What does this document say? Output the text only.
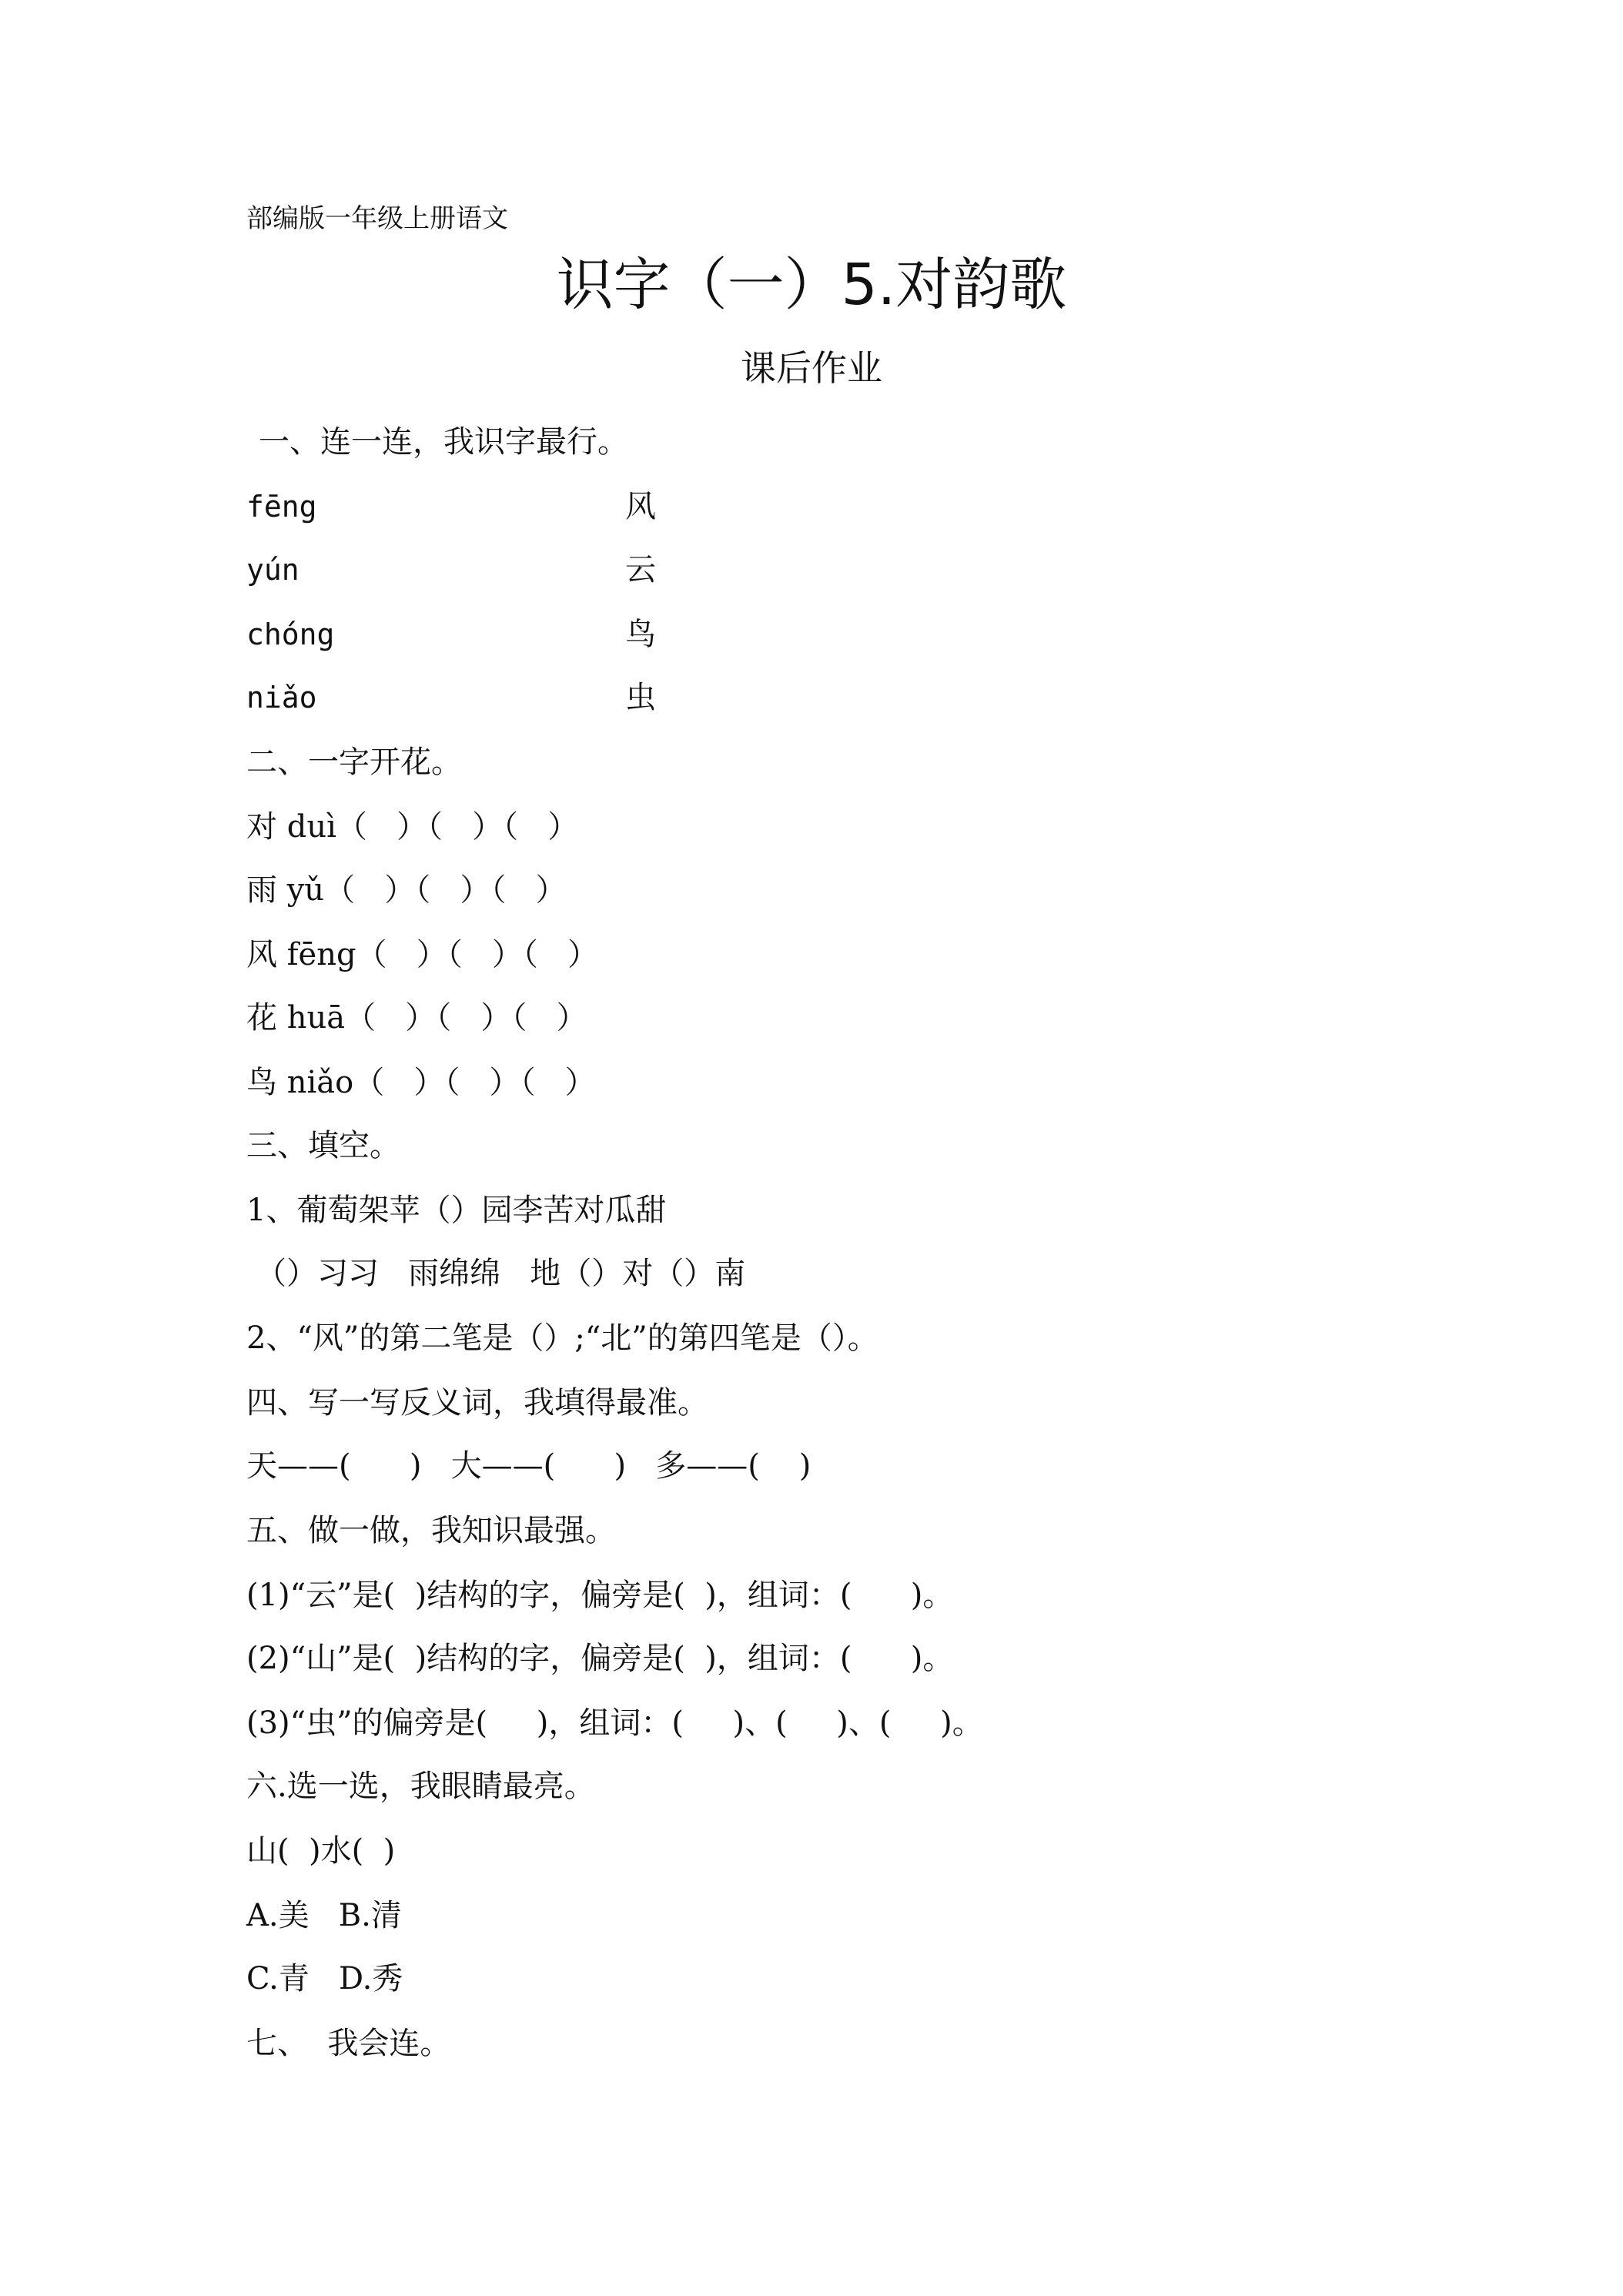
部编版一年级上册语文
识字（一）5.对韵歌
课后作业
一、连一连，我识字最行。
fēng	风
yún	云
chóng	鸟
niǎo	虫
二、一字开花。
对 duì（   ）（   ）（   ）
雨 yǔ（   ）（   ）（   ）
风 fēng（   ）（   ）（   ）
花 huā（   ）（   ）（   ）
鸟 niǎo（   ）（   ）（   ）
三、填空。
1、葡萄架苹（）园李苦对瓜甜
（）习习   雨绵绵   地（）对（）南
2、“风”的第二笔是（）;“北”的第四笔是（）。
四、写一写反义词，我填得最准。
天——(      )   大——(      )   多——(    )
五、做一做，我知识最强。
(1)“云”是(  )结构的字，偏旁是(  )，组词：(      )。
(2)“山”是(  )结构的字，偏旁是(  )，组词：(      )。
(3)“虫”的偏旁是(     )，组词：(     )、(     )、(     )。
六.选一选，我眼睛最亮。
山(  )水(  )
A.美   B.清
C.青   D.秀
七、  我会连。
